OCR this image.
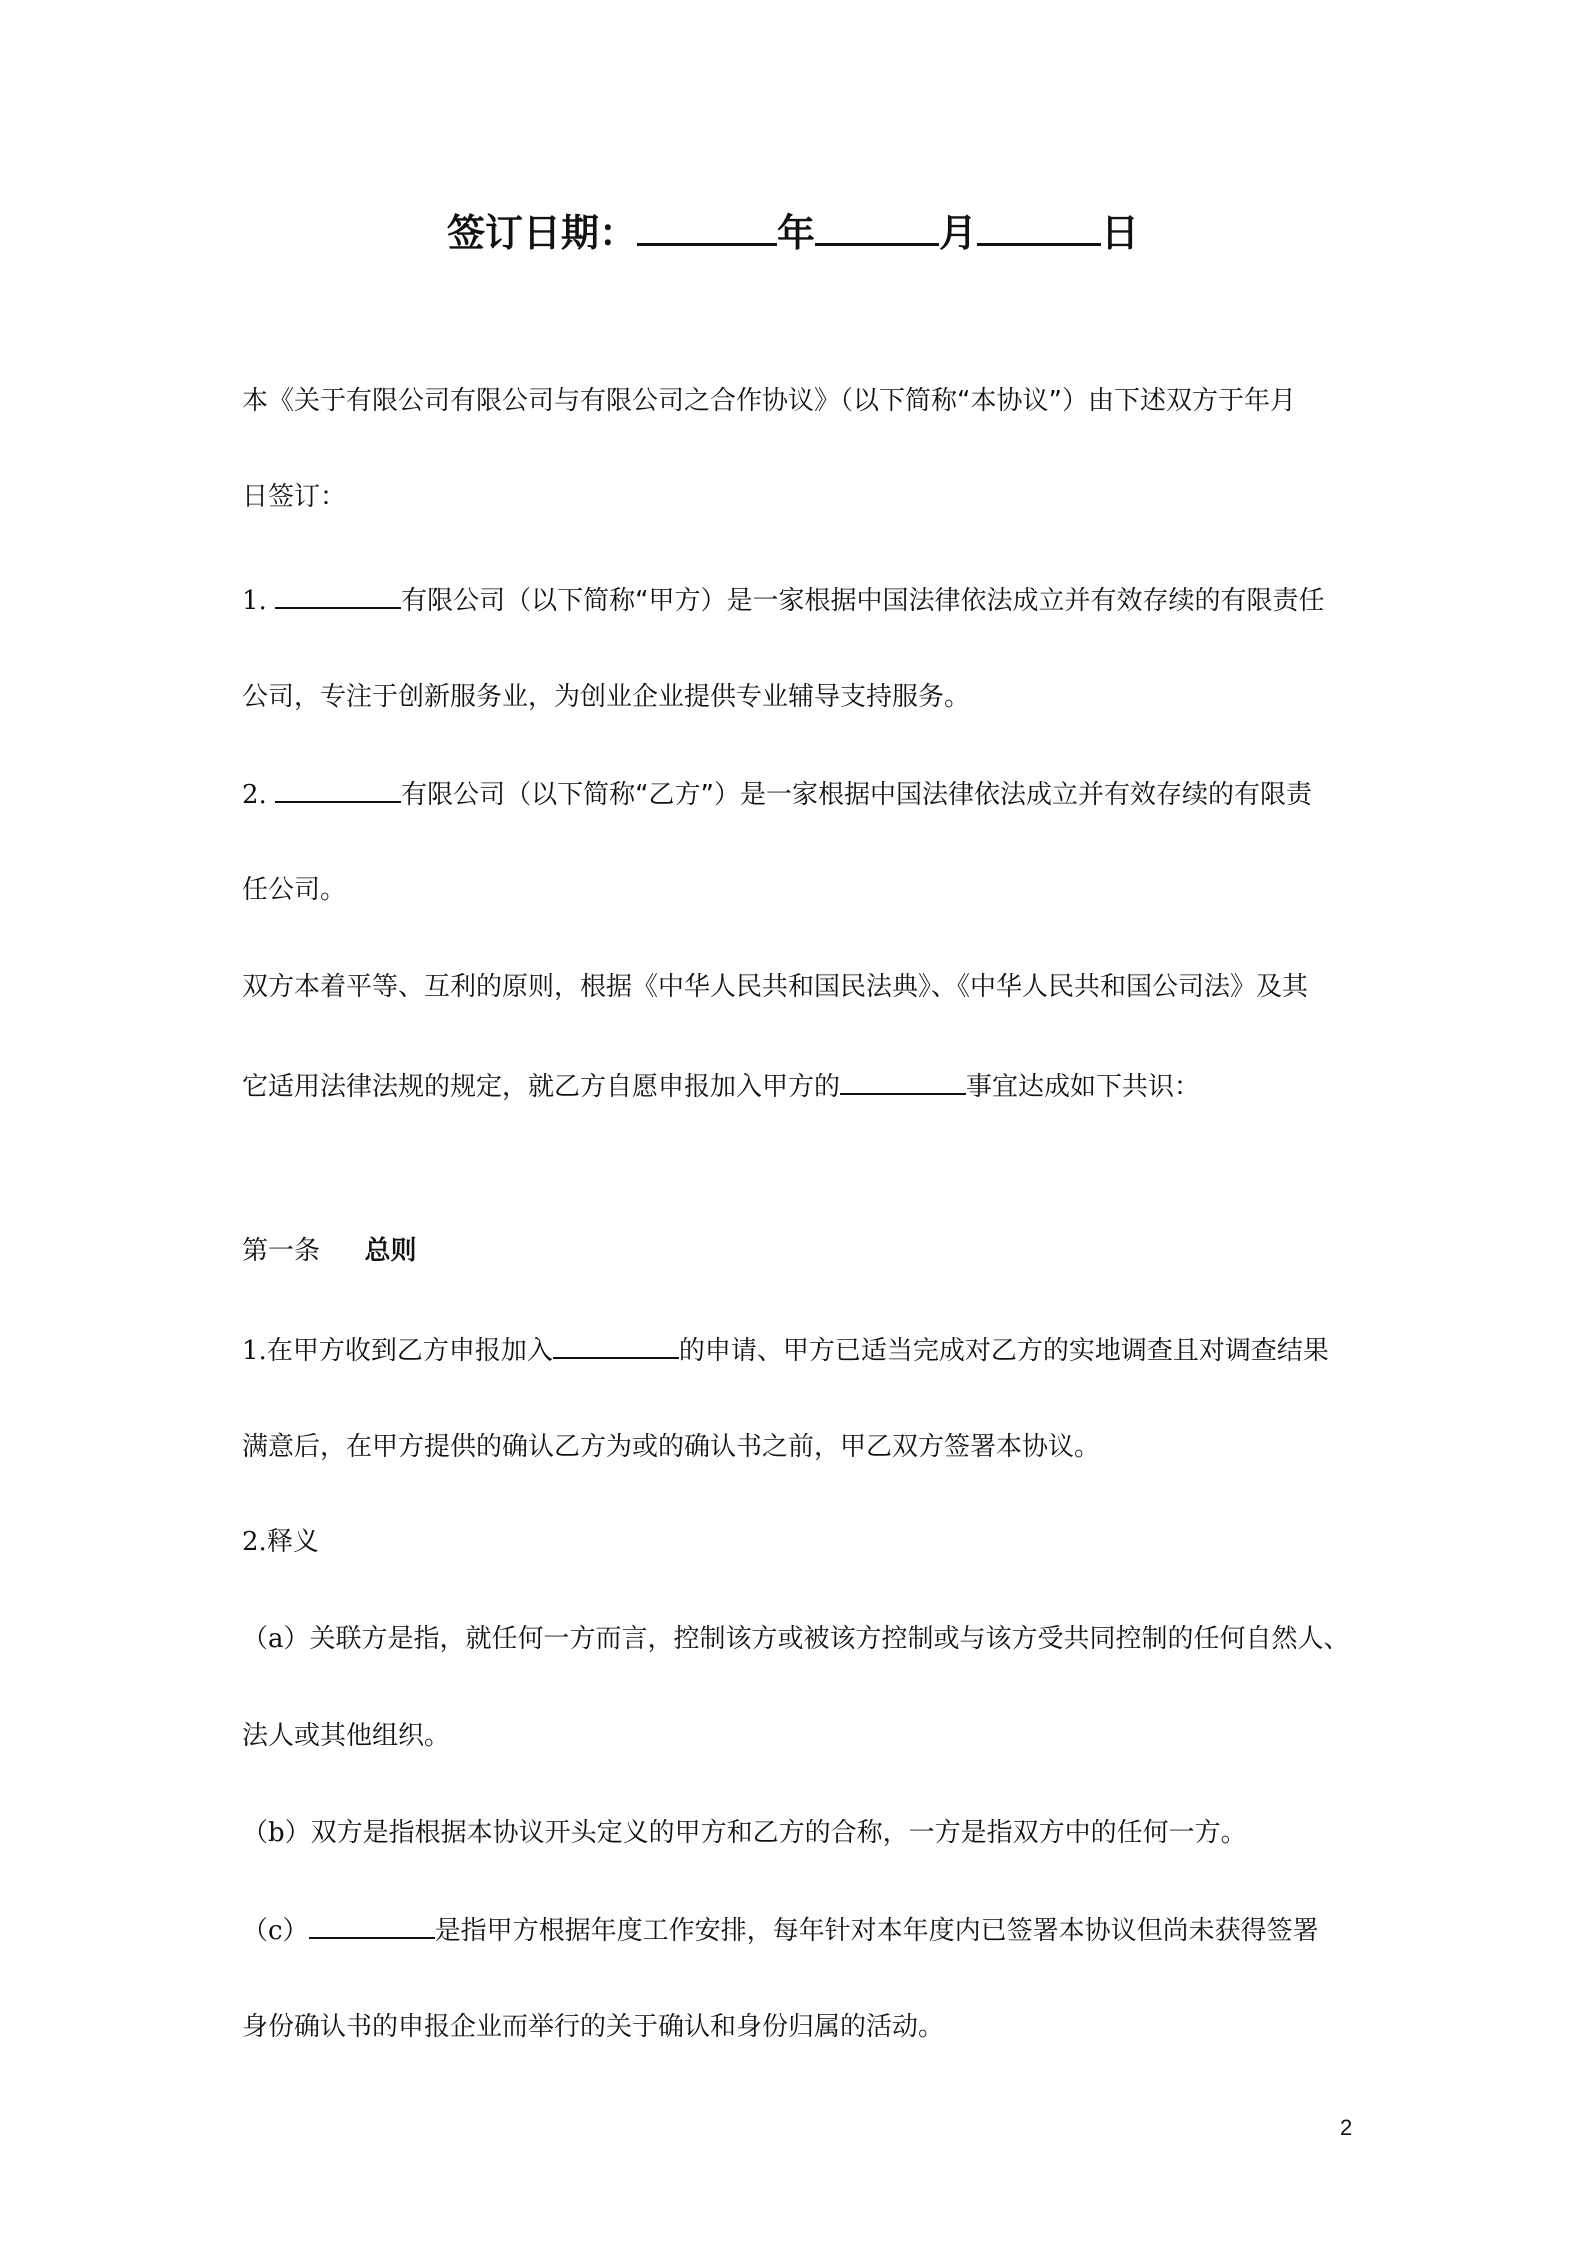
签订日期：	年	月	日
本《关于有限公司有限公司与有限公司之合作协议》（以下简称“本协议”）由下述双方于年月
日签订：
1.	有限公司（以下简称“甲方）是一家根据中国法律依法成立并有效存续的有限责任
公司，专注于创新服务业，为创业企业提供专业辅导支持服务。
2.	有限公司（以下简称“乙方”）是一家根据中国法律依法成立并有效存续的有限责
任公司。
双方本着平等、互利的原则，根据《中华人民共和国民法典》、《中华人民共和国公司法》及其
它适用法律法规的规定，就乙方自愿申报加入甲方的	事宜达成如下共识：
第一条 总则
1.在甲方收到乙方申报加入	的申请、甲方已适当完成对乙方的实地调查且对调查结果
满意后，在甲方提供的确认乙方为或的确认书之前，甲乙双方签署本协议。
2.释义
（a）关联方是指，就任何一方而言，控制该方或被该方控制或与该方受共同控制的任何自然人、
法人或其他组织。
（b）双方是指根据本协议开头定义的甲方和乙方的合称，一方是指双方中的任何一方。
（c）	是指甲方根据年度工作安排，每年针对本年度内已签署本协议但尚未获得签署
身份确认书的申报企业而举行的关于确认和身份归属的活动。
2
